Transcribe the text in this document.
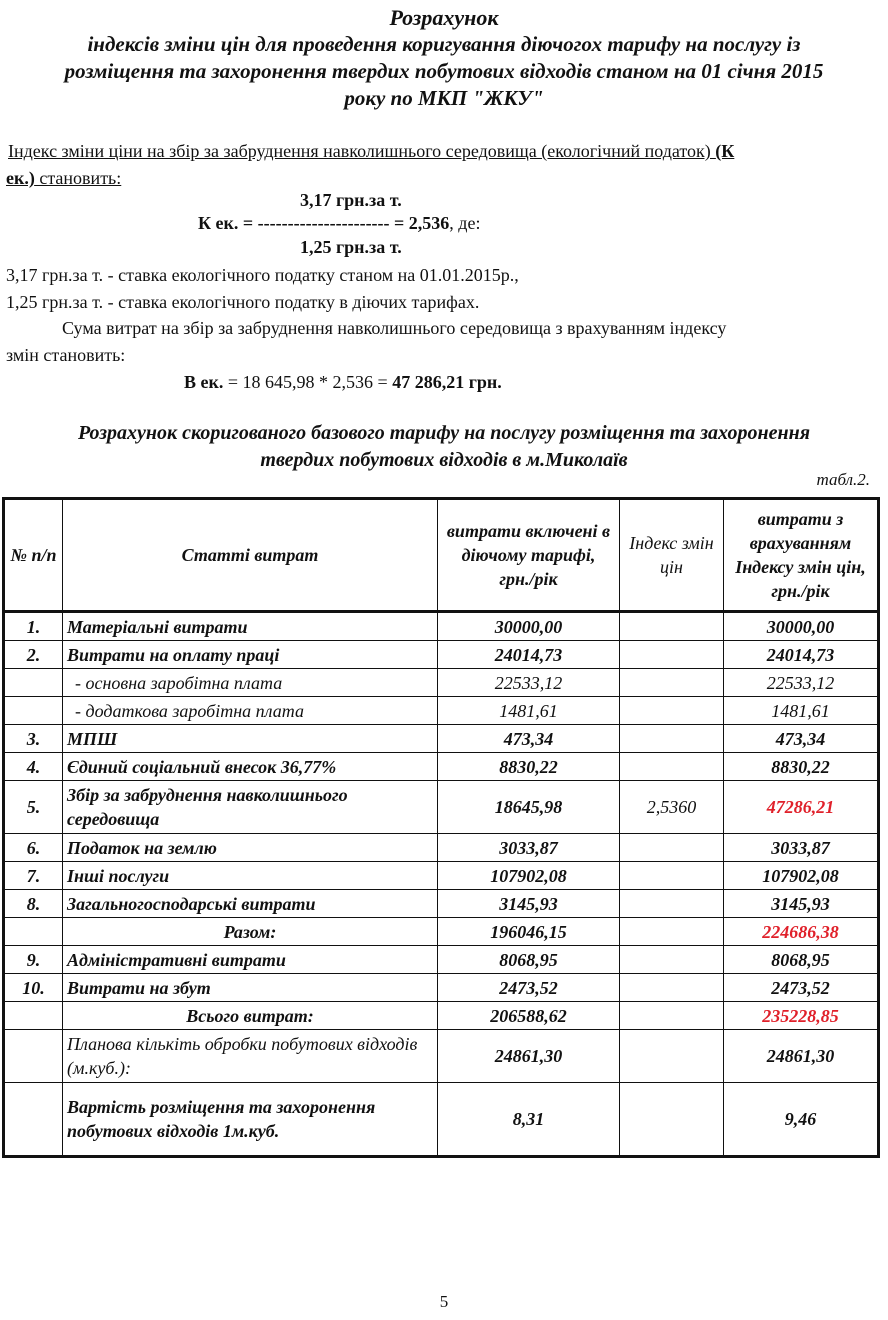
Розрахунок
індексів зміни цін для проведення коригування діючогох тарифу на послугу із
розміщення та захоронення твердих побутових відходів станом на 01 січня 2015
року по МКП "ЖКУ"
Індекс зміни ціни на збір за забруднення навколишнього середовища (екологічний податок) (К
ек.) становить:
3,17 грн.за т.
К ек. = ---------------------- = 2,536, де:
1,25 грн.за т.
3,17 грн.за т. - ставка екологічного податку станом на 01.01.2015р.,
1,25 грн.за т. - ставка екологічного податку в діючих тарифах.
Сума витрат на збір за забруднення навколишнього середовища з врахуванням індексу
змін становить:
В ек. = 18 645,98 * 2,536 = 47 286,21 грн.
Розрахунок скоригованого базового тарифу на послугу розміщення та захоронення
твердих побутових відходів в м.Миколаїв
табл.2.
№ п/п	Статті витрат	витрати включені в діючому тарифі, грн./рік	Індекс змін цін	витрати з врахуванням Індексу змін цін, грн./рік
1.	Матеріальні витрати	30000,00		30000,00
2.	Витрати на оплату праці	24014,73		24014,73
	- основна заробітна плата	22533,12		22533,12
	- додаткова заробітна плата	1481,61		1481,61
3.	МПШ	473,34		473,34
4.	Єдиний соціальний внесок 36,77%	8830,22		8830,22
5.	Збір за забруднення навколишнього середовища	18645,98	2,5360	47286,21
6.	Податок на землю	3033,87		3033,87
7.	Інші послуги	107902,08		107902,08
8.	Загальногосподарські витрати	3145,93		3145,93
	Разом:	196046,15		224686,38
9.	Адміністративні витрати	8068,95		8068,95
10.	Витрати на збут	2473,52		2473,52
	Всього витрат:	206588,62		235228,85
	Планова кількіть обробки побутових відходів (м.куб.):	24861,30		24861,30
	Вартість розміщення та захоронення побутових відходів 1м.куб.	8,31		9,46
5
